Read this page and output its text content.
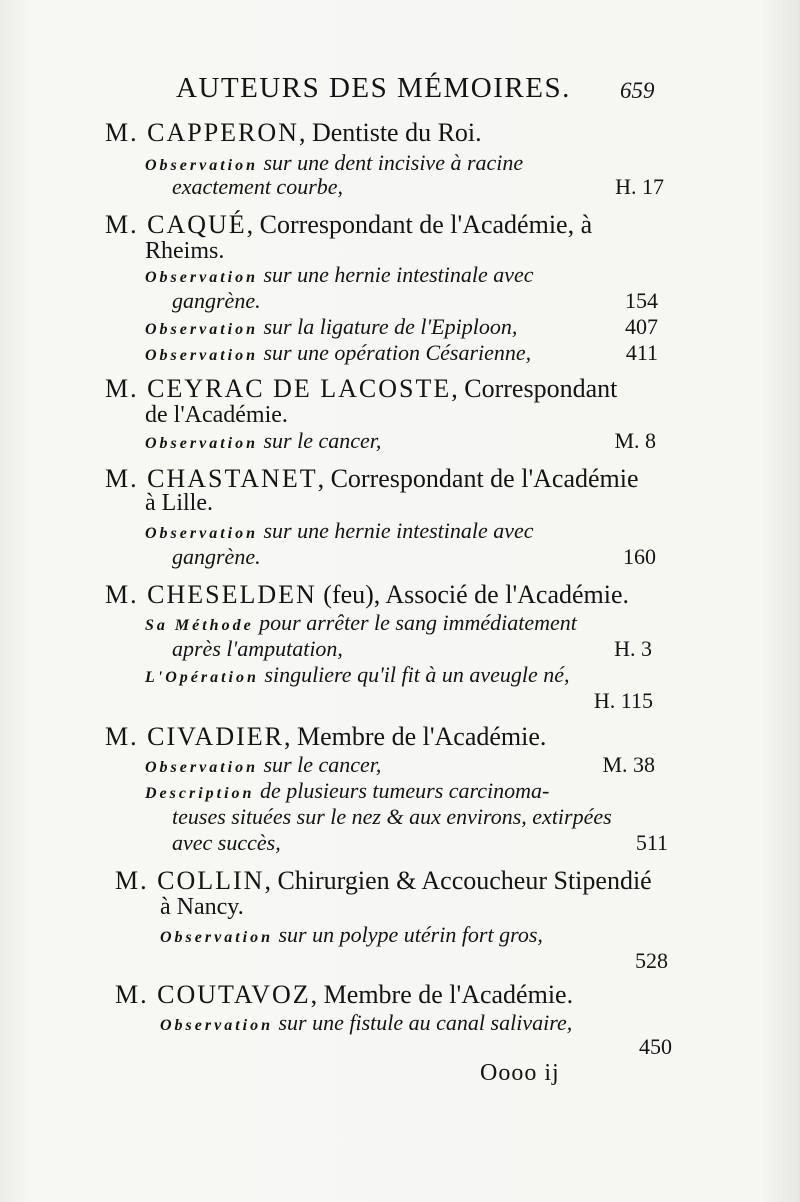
AUTEURS DES MÉMOIRES. 659
M. CAPPERON, Dentiste du Roi.
Observation sur une dent incisive à racine
exactement courbe,	H. 17
M. CAQUÉ, Correspondant de l'Académie, à
Rheims.
Observation sur une hernie intestinale avec
gangrène.	154
Observation sur la ligature de l'Epiploon,	407
Observation sur une opération Césarienne,	411
M. CEYRAC DE LACOSTE, Correspondant
de l'Académie.
Observation sur le cancer,	M. 8
M. CHASTANET, Correspondant de l'Académie
à Lille.
Observation sur une hernie intestinale avec
gangrène.	160
M. CHESELDEN (feu), Associé de l'Académie.
Sa Méthode pour arrêter le sang immédiatement
après l'amputation,	H. 3
L'Opération singuliere qu'il fit à un aveugle né,
H. 115
M. CIVADIER, Membre de l'Académie.
Observation sur le cancer,	M. 38
Description de plusieurs tumeurs carcinoma-
teuses situées sur le nez & aux environs, extirpées
avec succès,	511
M. COLLIN, Chirurgien & Accoucheur Stipendié
à Nancy.
Observation sur un polype utérin fort gros,
528
M. COUTAVOZ, Membre de l'Académie.
Observation sur une fistule au canal salivaire,
450
Oooo ij
